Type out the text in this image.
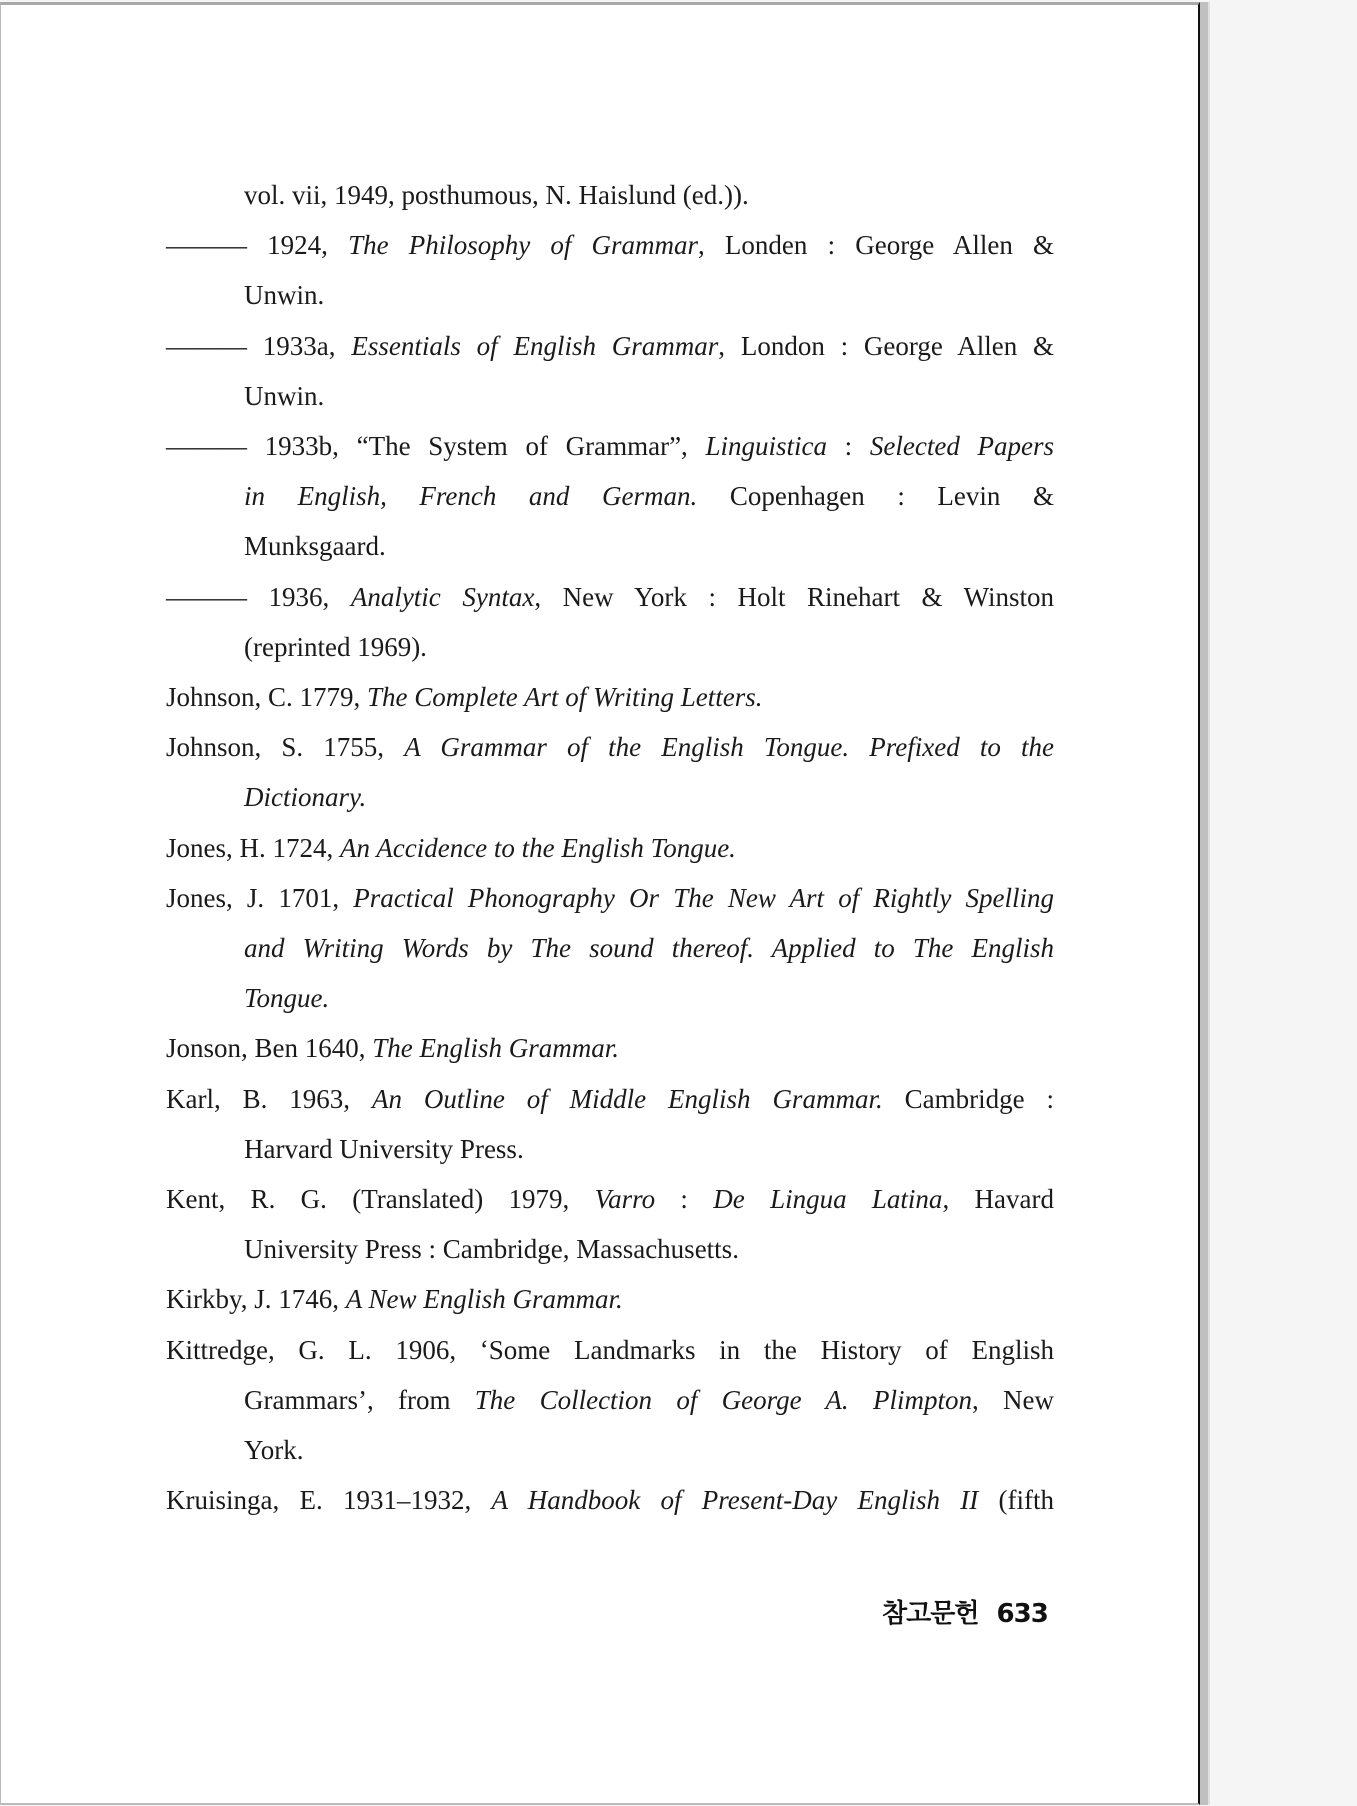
vol. vii, 1949, posthumous, N. Haislund (ed.)).
——— 1924, The Philosophy of Grammar, Londen : George Allen &
Unwin.
——— 1933a, Essentials of English Grammar, London : George Allen &
Unwin.
——— 1933b, “The System of Grammar”, Linguistica : Selected Papers
in English, French and German. Copenhagen : Levin &
Munksgaard.
——— 1936, Analytic Syntax, New York : Holt Rinehart & Winston
(reprinted 1969).
Johnson, C. 1779, The Complete Art of Writing Letters.
Johnson, S. 1755, A Grammar of the English Tongue. Prefixed to the
Dictionary.
Jones, H. 1724, An Accidence to the English Tongue.
Jones, J. 1701, Practical Phonography Or The New Art of Rightly Spelling
and Writing Words by The sound thereof. Applied to The English
Tongue.
Jonson, Ben 1640, The English Grammar.
Karl, B. 1963, An Outline of Middle English Grammar. Cambridge :
Harvard University Press.
Kent, R. G. (Translated) 1979, Varro : De Lingua Latina, Havard
University Press : Cambridge, Massachusetts.
Kirkby, J. 1746, A New English Grammar.
Kittredge, G. L. 1906, ‘Some Landmarks in the History of English
Grammars’, from The Collection of George A. Plimpton, New
York.
Kruisinga, E. 1931–1932, A Handbook of Present-Day English II (fifth
참고문헌 633
